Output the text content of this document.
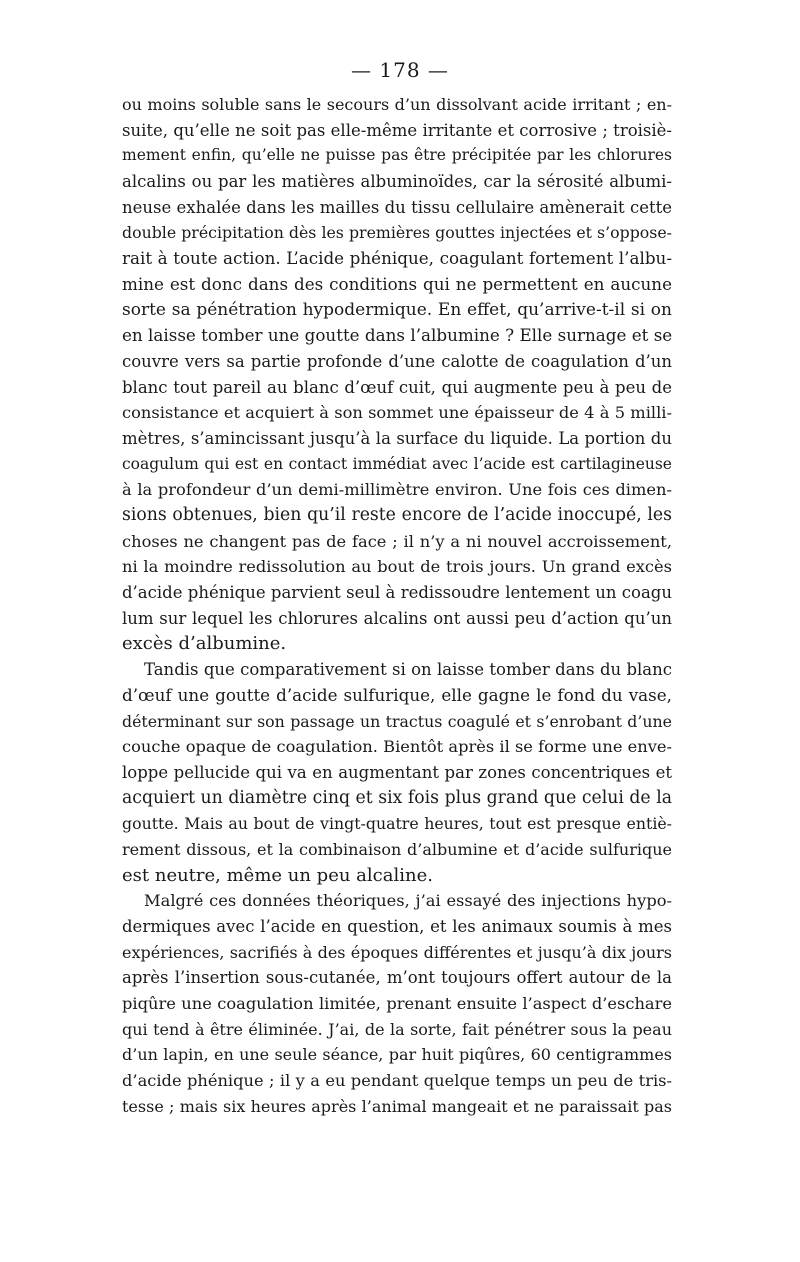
— 178 —
ou moins soluble sans le secours d’un dissolvant acide irritant ; en-
suite, qu’elle ne soit pas elle-même irritante et corrosive ; troisiè-
mement enfin, qu’elle ne puisse pas être précipitée par les chlorures
alcalins ou par les matières albuminoïdes, car la sérosité albumi-
neuse exhalée dans les mailles du tissu cellulaire amènerait cette
double précipitation dès les premières gouttes injectées et s’oppose-
rait à toute action. L’acide phénique, coagulant fortement l’albu-
mine est donc dans des conditions qui ne permettent en aucune
sorte sa pénétration hypodermique. En effet, qu’arrive-t-il si on
en laisse tomber une goutte dans l’albumine ? Elle surnage et se
couvre vers sa partie profonde d’une calotte de coagulation d’un
blanc tout pareil au blanc d’œuf cuit, qui augmente peu à peu de
consistance et acquiert à son sommet une épaisseur de 4 à 5 milli-
mètres, s’amincissant jusqu’à la surface du liquide. La portion du
coagulum qui est en contact immédiat avec l’acide est cartilagineuse
à la profondeur d’un demi-millimètre environ. Une fois ces dimen-
sions obtenues, bien qu’il reste encore de l’acide inoccupé, les
choses ne changent pas de face ; il n’y a ni nouvel accroissement,
ni la moindre redissolution au bout de trois jours. Un grand excès
d’acide phénique parvient seul à redissoudre lentement un coagu
lum sur lequel les chlorures alcalins ont aussi peu d’action qu’un
excès d’albumine.
Tandis que comparativement si on laisse tomber dans du blanc
d’œuf une goutte d’acide sulfurique, elle gagne le fond du vase,
déterminant sur son passage un tractus coagulé et s’enrobant d’une
couche opaque de coagulation. Bientôt après il se forme une enve-
loppe pellucide qui va en augmentant par zones concentriques et
acquiert un diamètre cinq et six fois plus grand que celui de la
goutte. Mais au bout de vingt-quatre heures, tout est presque entiè-
rement dissous, et la combinaison d’albumine et d’acide sulfurique
est neutre, même un peu alcaline.
Malgré ces données théoriques, j’ai essayé des injections hypo-
dermiques avec l’acide en question, et les animaux soumis à mes
expériences, sacrifiés à des époques différentes et jusqu’à dix jours
après l’insertion sous-cutanée, m’ont toujours offert autour de la
piqûre une coagulation limitée, prenant ensuite l’aspect d’eschare
qui tend à être éliminée. J’ai, de la sorte, fait pénétrer sous la peau
d’un lapin, en une seule séance, par huit piqûres, 60 centigrammes
d’acide phénique ; il y a eu pendant quelque temps un peu de tris-
tesse ; mais six heures après l’animal mangeait et ne paraissait pas
